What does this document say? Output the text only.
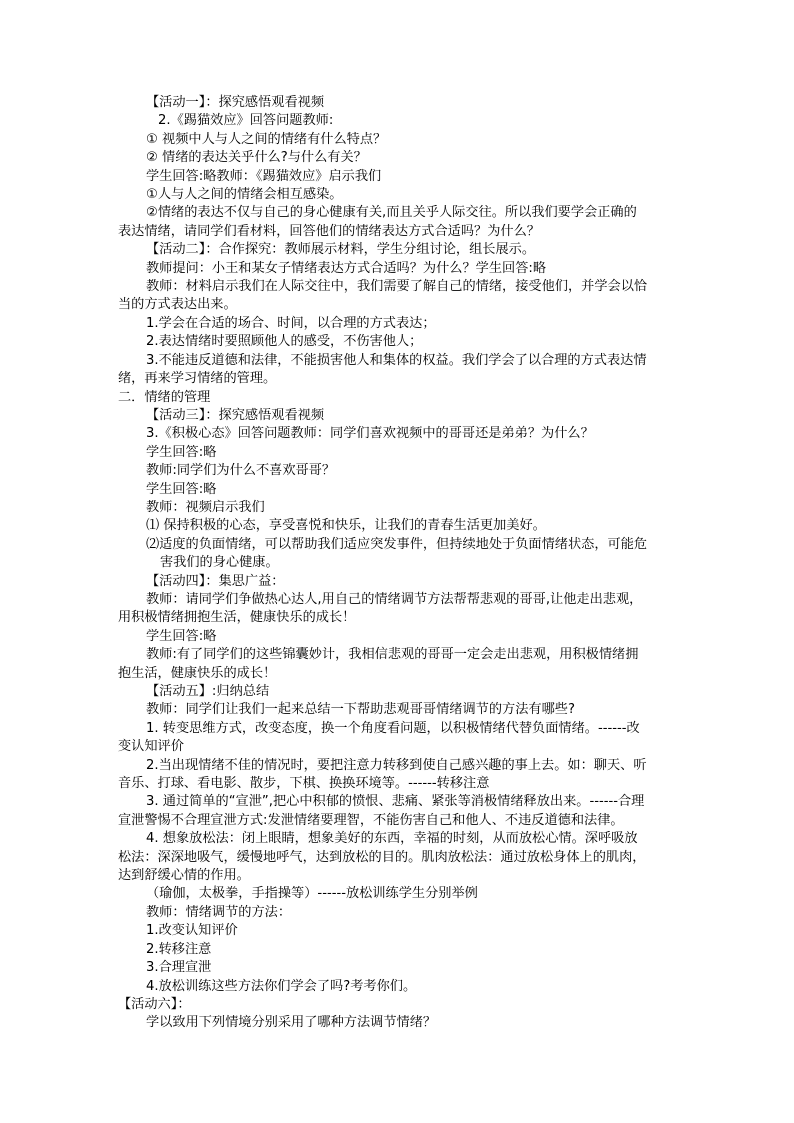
【活动一】：探究感悟观看视频

2.《踢猫效应》回答问题教师:

① 视频中人与人之间的情绪有什么特点？

② 情绪的表达关乎什么?与什么有关？

学生回答:略教师：《踢猫效应》启示我们

①人与人之间的情绪会相互感染。

②情绪的表达不仅与自己的身心健康有关,而且关乎人际交往。所以我们要学会正确的表达情绪，请同学们看材料，回答他们的情绪表达方式合适吗？为什么？

【活动二】：合作探究：教师展示材料，学生分组讨论，组长展示。

教师提问：小王和某女子情绪表达方式合适吗？为什么？学生回答:略

教师：材料启示我们在人际交往中，我们需要了解自己的情绪，接受他们，并学会以恰当的方式表达出来。

1.学会在合适的场合、时间，以合理的方式表达；

2.表达情绪时要照顾他人的感受，不伤害他人；

3.不能违反道德和法律，不能损害他人和集体的权益。我们学会了以合理的方式表达情绪，再来学习情绪的管理。

二．情绪的管理

【活动三】：探究感悟观看视频

3.《积极心态》回答问题教师：同学们喜欢视频中的哥哥还是弟弟？为什么？

学生回答:略

教师:同学们为什么不喜欢哥哥？

学生回答:略

教师：视频启示我们

⑴ 保持积极的心态，享受喜悦和快乐，让我们的青春生活更加美好。

⑵适度的负面情绪，可以帮助我们适应突发事件，但持续地处于负面情绪状态，可能危害我们的身心健康。

【活动四】：集思广益：

教师：请同学们争做热心达人,用自己的情绪调节方法帮帮悲观的哥哥,让他走出悲观，用积极情绪拥抱生活，健康快乐的成长！

学生回答:略

教师:有了同学们的这些锦囊妙计，我相信悲观的哥哥一定会走出悲观，用积极情绪拥抱生活，健康快乐的成长！

【活动五】:归纳总结

教师：同学们让我们一起来总结一下帮助悲观哥哥情绪调节的方法有哪些?

1. 转变思维方式，改变态度，换一个角度看问题，以积极情绪代替负面情绪。------改变认知评价

2.当出现情绪不佳的情况时，要把注意力转移到使自己感兴趣的事上去。如：聊天、听音乐、打球、看电影、散步，下棋、换换环境等。------转移注意

3. 通过简单的“宣泄”,把心中积郁的愤恨、悲痛、紧张等消极情绪释放出来。------合理宣泄警惕不合理宣泄方式:发泄情绪要理智，不能伤害自己和他人、不违反道德和法律。

4. 想象放松法：闭上眼睛，想象美好的东西，幸福的时刻，从而放松心情。深呼吸放松法：深深地吸气，缓慢地呼气，达到放松的目的。肌肉放松法：通过放松身体上的肌肉，达到舒缓心情的作用。

（瑜伽，太极拳，手指操等）------放松训练学生分别举例

教师：情绪调节的方法：

1.改变认知评价

2.转移注意

3.合理宣泄

4.放松训练这些方法你们学会了吗?考考你们。

【活动六】：

学以致用下列情境分别采用了哪种方法调节情绪？
